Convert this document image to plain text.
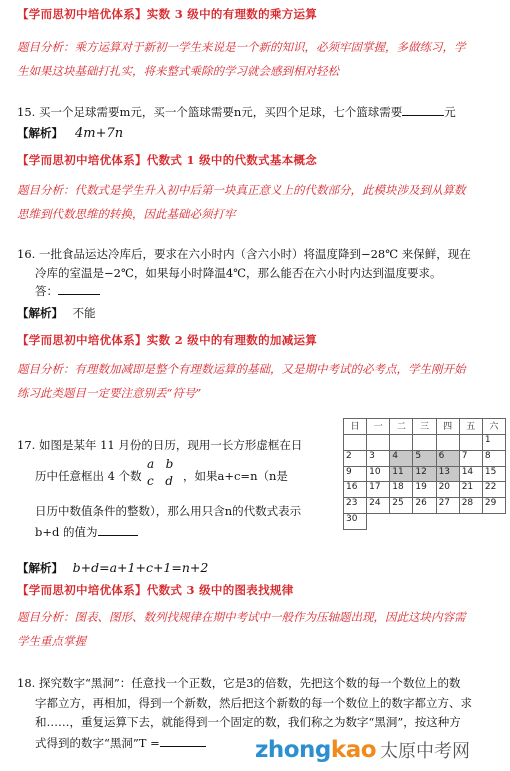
【学而思初中培优体系】实数 3 级中的有理数的乘方运算
题目分析：乘方运算对于新初一学生来说是一个新的知识，必须牢固掌握，多做练习，学
生如果这块基础打扎实，将来整式乘除的学习就会感到相对轻松
15. 买一个足球需要m元，买一个篮球需要n元，买四个足球，七个篮球需要	元
【解析】 4m+7n
【学而思初中培优体系】代数式 1 级中的代数式基本概念
题目分析：代数式是学生升入初中后第一块真正意义上的代数部分，此模块涉及到从算数
思维到代数思维的转换，因此基础必须打牢
16. 一批食品运达冷库后，要求在六小时内（含六小时）将温度降到−28℃ 来保鲜，现在
冷库的室温是−2℃，如果每小时降温4℃，那么能否在六小时内达到温度要求。
答：
【解析】 不能
【学而思初中培优体系】实数 2 级中的有理数的加减运算
题目分析：有理数加减即是整个有理数运算的基础，又是期中考试的必考点，学生刚开始
练习此类题目一定要注意别丢“符号”
17. 如图是某年 11 月份的日历，现用一长方形虚框在日
历中任意框出 4 个数
a b
c d ，如果a+c=n（n是
日历中数值条件的整数），那么用只含n的代数式表示
b+d 的值为
日	一	二	三	四	五	六
						1
2	3	4	5	6	7	8
9	10	11	12	13	14	15
16	17	18	19	20	21	22
23	24	25	26	27	28	29
30						
【解析】 b+d=a+1+c+1=n+2
【学而思初中培优体系】代数式 3 级中的图表找规律
题目分析：图表、图形、数列找规律在期中考试中一般作为压轴题出现，因此这块内容需
学生重点掌握
18. 探究数字“黑洞”：任意找一个正数，它是3的倍数，先把这个数的每一个数位上的数
字都立方，再相加，得到一个新数，然后把这个新数的每一个数位上的数字都立方、求
和……，重复运算下去，就能得到一个固定的数，我们称之为数字“黑洞”，按这种方
式得到的数字“黑洞”T =	zhongkao 太原中考网
